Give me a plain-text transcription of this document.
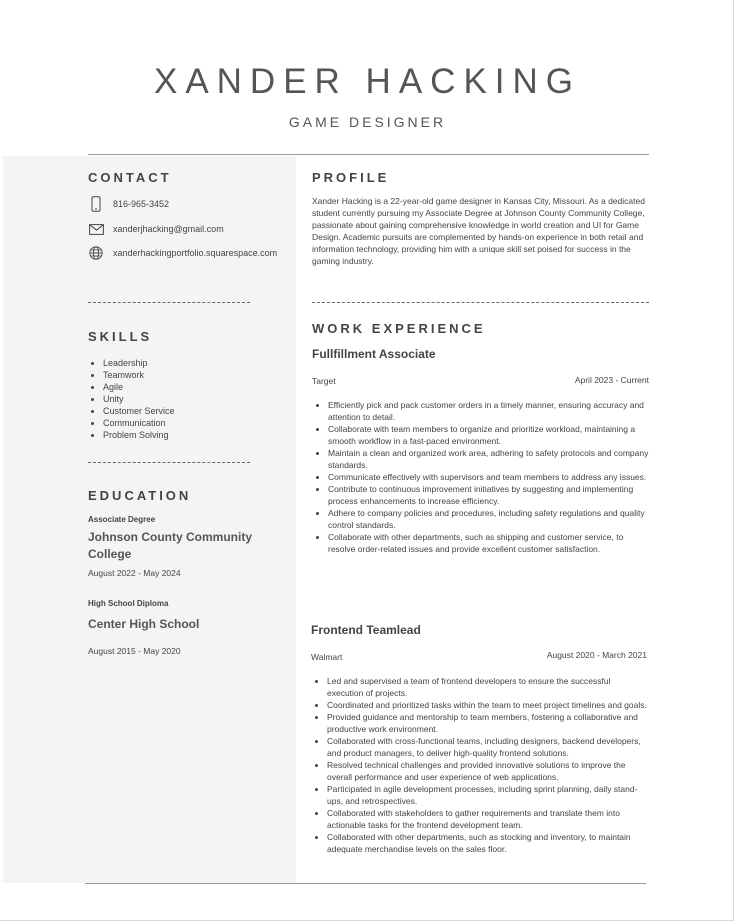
XANDER HACKING
GAME DESIGNER
CONTACT
816-965-3452
xanderjhacking@gmail.com
xanderhackingportfolio.squarespace.com
SKILLS
• Leadership
• Teamwork
• Agile
• Unity
• Customer Service
• Communication
• Problem Solving
EDUCATION
Associate Degree
Johnson County Community College
August 2022 - May 2024
High School Diploma
Center High School
August 2015 - May 2020
PROFILE
Xander Hacking is a 22-year-old game designer in Kansas City, Missouri. As a dedicated student currently pursuing my Associate Degree at Johnson County Community College, passionate about gaining comprehensive knowledge in world creation and UI for Game Design. Academic pursuits are complemented by hands-on experience in both retail and information technology, providing him with a unique skill set poised for success in the gaming industry.
WORK EXPERIENCE
Fullfillment Associate
Target	April 2023 - Current
• Efficiently pick and pack customer orders in a timely manner, ensuring accuracy and attention to detail.
• Collaborate with team members to organize and prioritize workload, maintaining a smooth workflow in a fast-paced environment.
• Maintain a clean and organized work area, adhering to safety protocols and company standards.
• Communicate effectively with supervisors and team members to address any issues.
• Contribute to continuous improvement initiatives by suggesting and implementing process enhancements to increase efficiency.
• Adhere to company policies and procedures, including safety regulations and quality control standards.
• Collaborate with other departments, such as shipping and customer service, to resolve order-related issues and provide excellent customer satisfaction.
Frontend Teamlead
Walmart	August 2020 - March 2021
• Led and supervised a team of frontend developers to ensure the successful execution of projects.
• Coordinated and prioritized tasks within the team to meet project timelines and goals.
• Provided guidance and mentorship to team members, fostering a collaborative and productive work environment.
• Collaborated with cross-functional teams, including designers, backend developers, and product managers, to deliver high-quality frontend solutions.
• Resolved technical challenges and provided innovative solutions to improve the overall performance and user experience of web applications.
• Participated in agile development processes, including sprint planning, daily stand-ups, and retrospectives.
• Collaborated with stakeholders to gather requirements and translate them into actionable tasks for the frontend development team.
• Collaborated with other departments, such as stocking and inventory, to maintain adequate merchandise levels on the sales floor.
